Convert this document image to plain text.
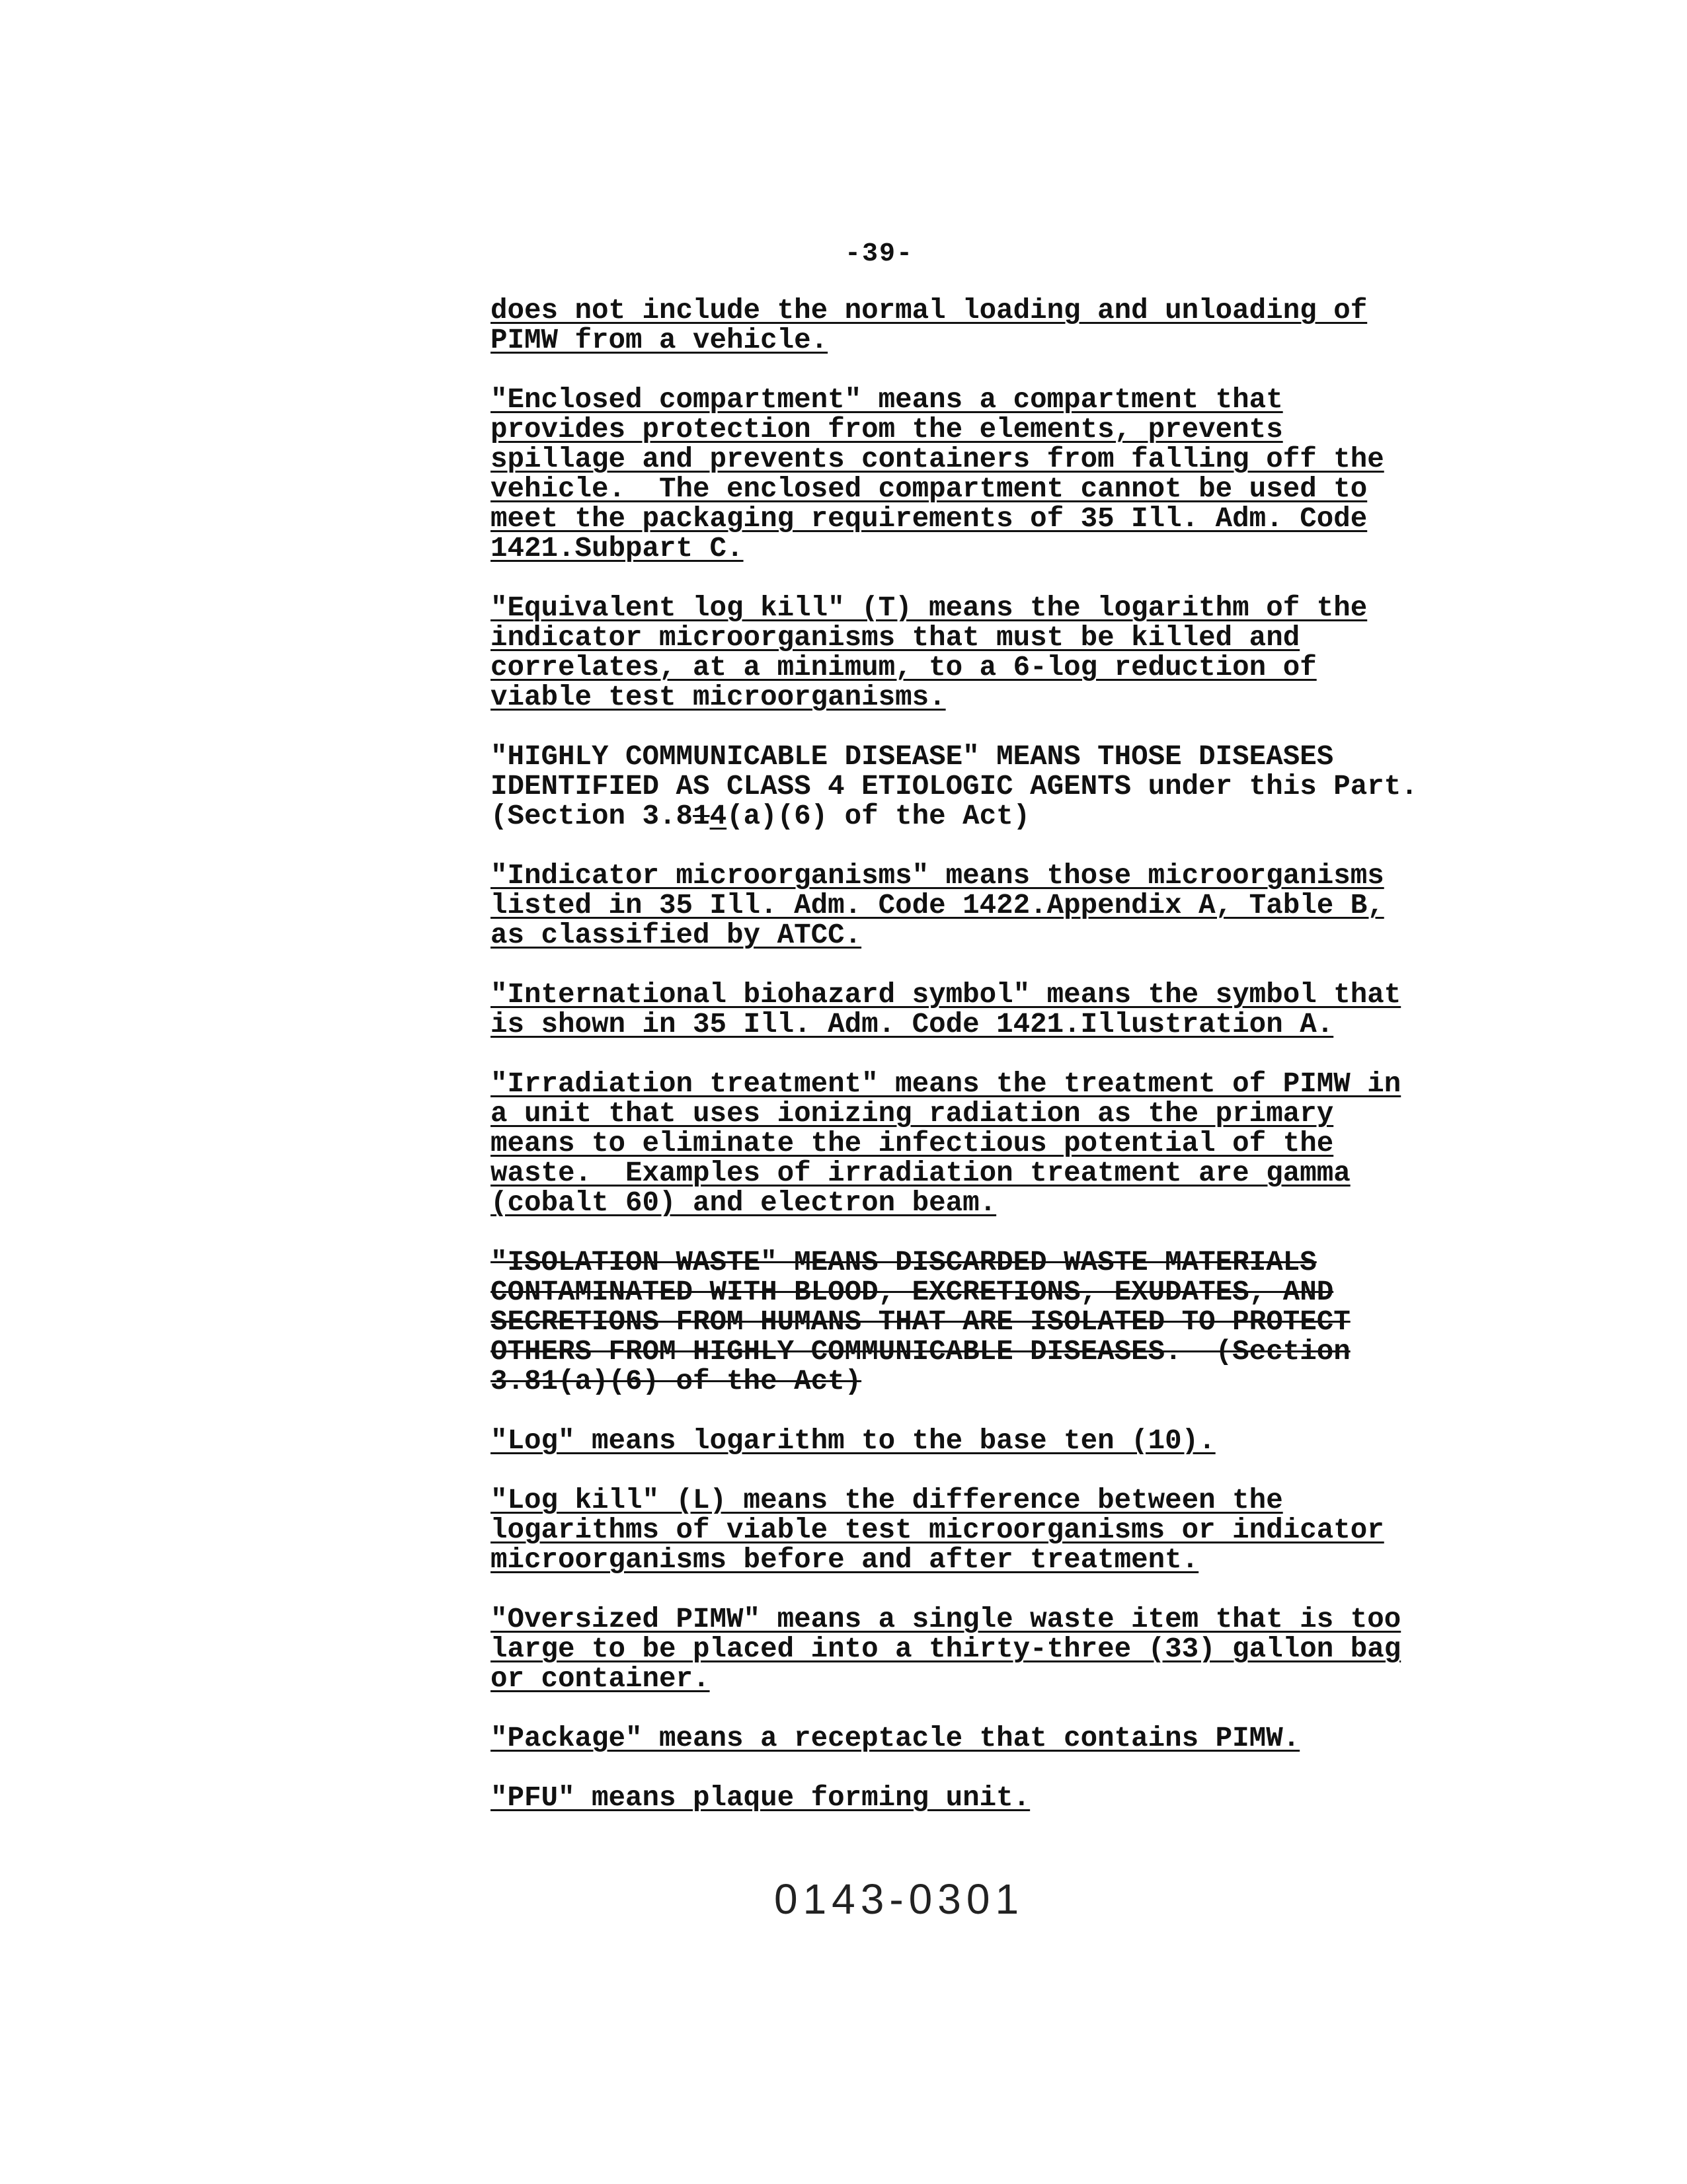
-39-

does not include the normal loading and unloading of
PIMW from a vehicle.

"Enclosed compartment" means a compartment that
provides protection from the elements, prevents
spillage and prevents containers from falling off the
vehicle.  The enclosed compartment cannot be used to
meet the packaging requirements of 35 Ill. Adm. Code
1421.Subpart C.

"Equivalent log kill" (T) means the logarithm of the
indicator microorganisms that must be killed and
correlates, at a minimum, to a 6-log reduction of
viable test microorganisms.

"HIGHLY COMMUNICABLE DISEASE" MEANS THOSE DISEASES
IDENTIFIED AS CLASS 4 ETIOLOGIC AGENTS under this Part.
(Section 3.814(a)(6) of the Act)

"Indicator microorganisms" means those microorganisms
listed in 35 Ill. Adm. Code 1422.Appendix A, Table B,
as classified by ATCC.

"International biohazard symbol" means the symbol that
is shown in 35 Ill. Adm. Code 1421.Illustration A.

"Irradiation treatment" means the treatment of PIMW in
a unit that uses ionizing radiation as the primary
means to eliminate the infectious potential of the
waste.  Examples of irradiation treatment are gamma
(cobalt 60) and electron beam.

"ISOLATION WASTE" MEANS DISCARDED WASTE MATERIALS
CONTAMINATED WITH BLOOD, EXCRETIONS, EXUDATES, AND
SECRETIONS FROM HUMANS THAT ARE ISOLATED TO PROTECT
OTHERS FROM HIGHLY COMMUNICABLE DISEASES.  (Section
3.81(a)(6) of the Act)

"Log" means logarithm to the base ten (10).

"Log kill" (L) means the difference between the
logarithms of viable test microorganisms or indicator
microorganisms before and after treatment.

"Oversized PIMW" means a single waste item that is too
large to be placed into a thirty-three (33) gallon bag
or container.

"Package" means a receptacle that contains PIMW.

"PFU" means plaque forming unit.

0143-0301
